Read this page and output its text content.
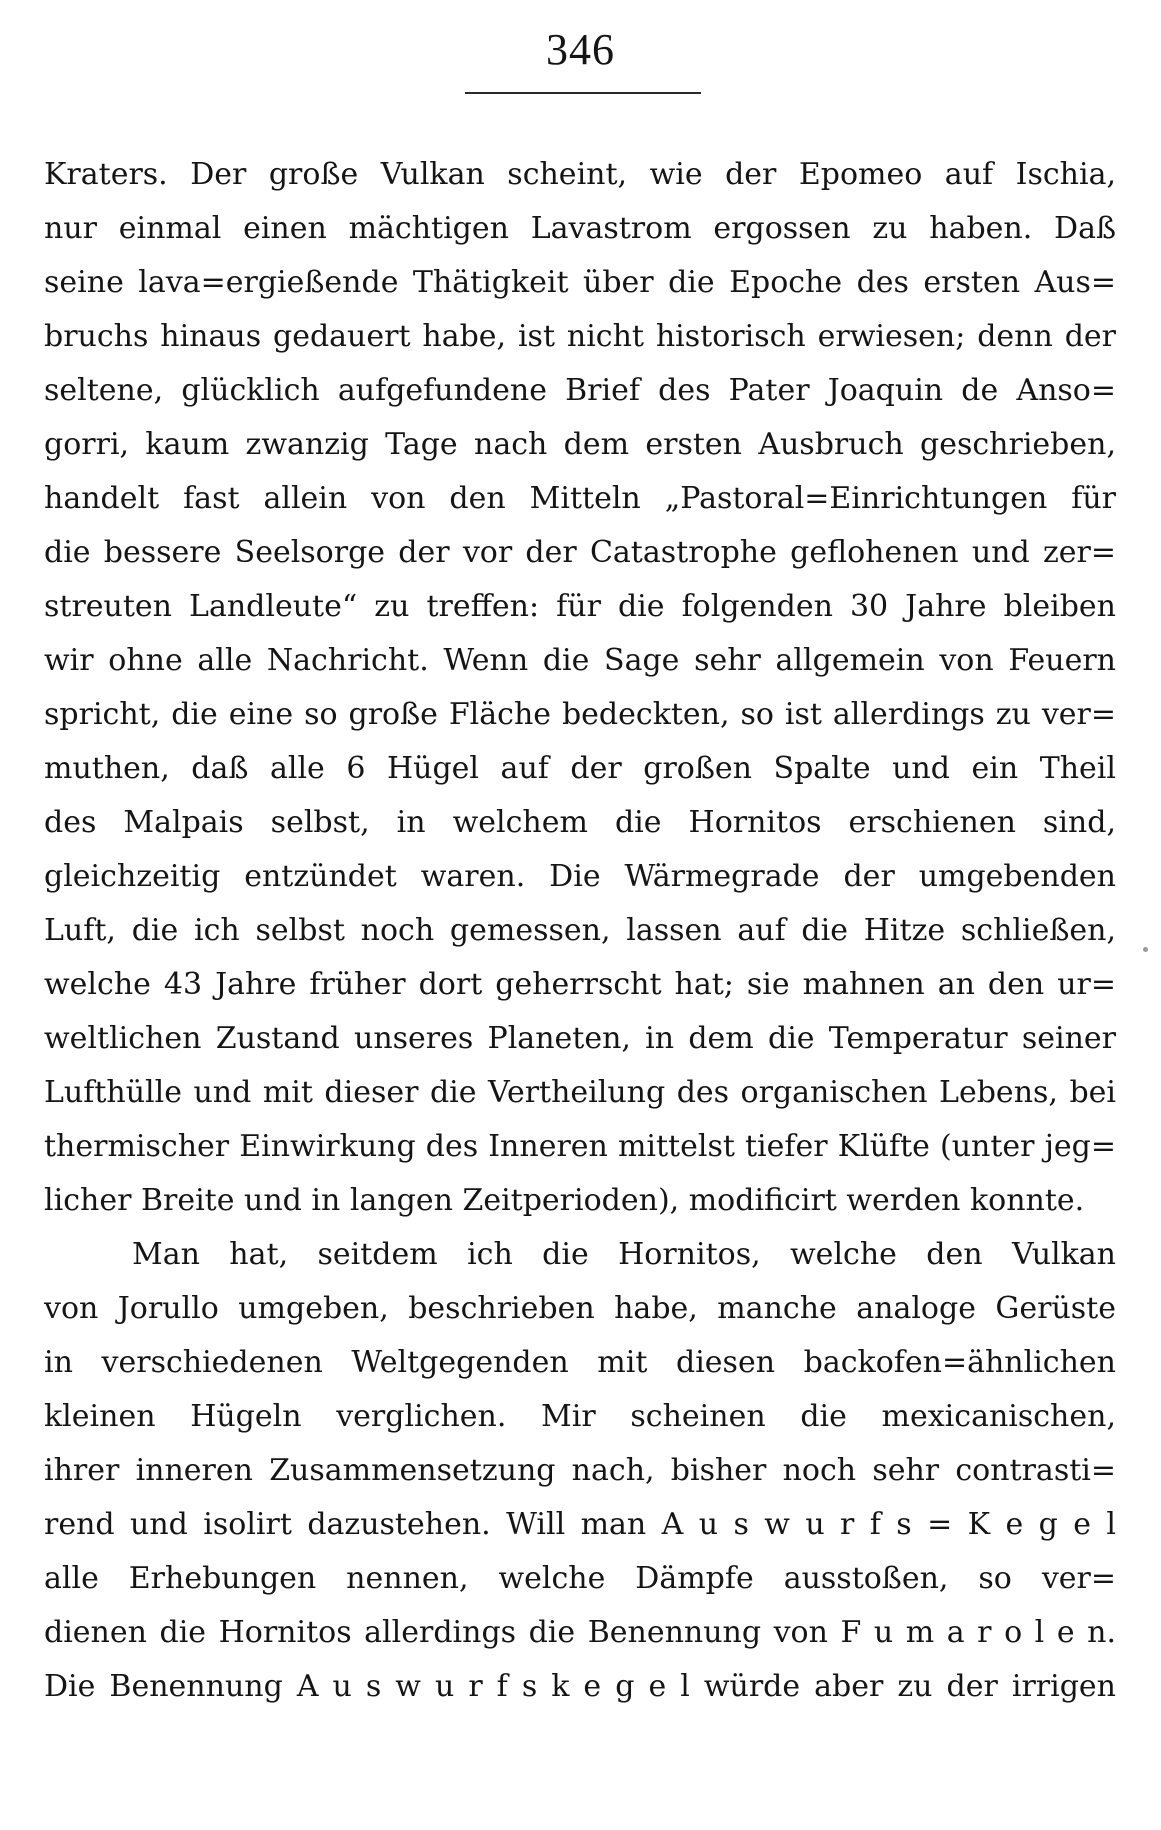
346
Kraters. Der große Vulkan scheint, wie der Epomeo auf Ischia,
nur einmal einen mächtigen Lavastrom ergossen zu haben. Daß
seine lava=ergießende Thätigkeit über die Epoche des ersten Aus=
bruchs hinaus gedauert habe, ist nicht historisch erwiesen; denn der
seltene, glücklich aufgefundene Brief des Pater Joaquin de Anso=
gorri, kaum zwanzig Tage nach dem ersten Ausbruch geschrieben,
handelt fast allein von den Mitteln „Pastoral=Einrichtungen für
die bessere Seelsorge der vor der Catastrophe geflohenen und zer=
streuten Landleute“ zu treffen: für die folgenden 30 Jahre bleiben
wir ohne alle Nachricht. Wenn die Sage sehr allgemein von Feuern
spricht, die eine so große Fläche bedeckten, so ist allerdings zu ver=
muthen, daß alle 6 Hügel auf der großen Spalte und ein Theil
des Malpais selbst, in welchem die Hornitos erschienen sind,
gleichzeitig entzündet waren. Die Wärmegrade der umgebenden
Luft, die ich selbst noch gemessen, lassen auf die Hitze schließen,
welche 43 Jahre früher dort geherrscht hat; sie mahnen an den ur=
weltlichen Zustand unseres Planeten, in dem die Temperatur seiner
Lufthülle und mit dieser die Vertheilung des organischen Lebens, bei
thermischer Einwirkung des Inneren mittelst tiefer Klüfte (unter jeg=
licher Breite und in langen Zeitperioden), modificirt werden konnte.
Man hat, seitdem ich die Hornitos, welche den Vulkan
von Jorullo umgeben, beschrieben habe, manche analoge Gerüste
in verschiedenen Weltgegenden mit diesen backofen=ähnlichen
kleinen Hügeln verglichen. Mir scheinen die mexicanischen,
ihrer inneren Zusammensetzung nach, bisher noch sehr contrasti=
rend und isolirt dazustehen. Will man A u s w u r f s = K e g e l
alle Erhebungen nennen, welche Dämpfe ausstoßen, so ver=
dienen die Hornitos allerdings die Benennung von F u m a r o l e n.
Die Benennung A u s w u r f s k e g e l würde aber zu der irrigen
